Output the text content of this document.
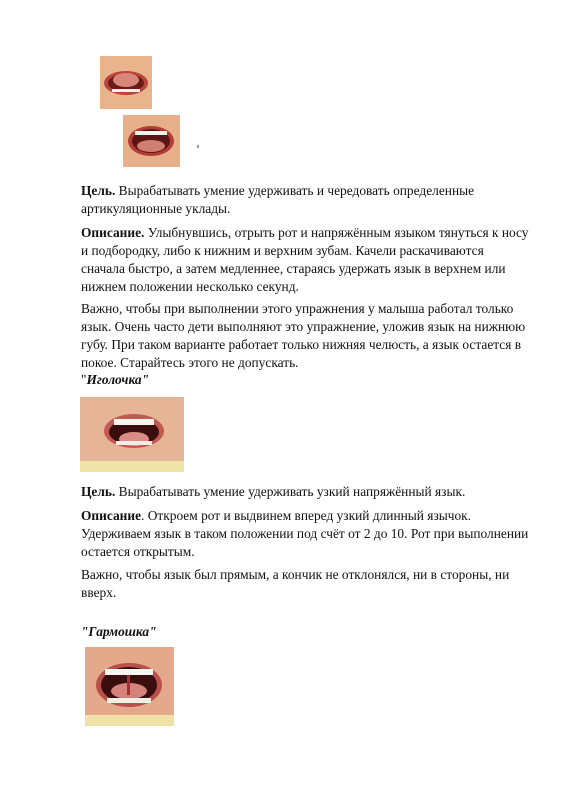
Цель. Вырабатывать умение удерживать и чередовать определенные артикуляционные уклады.

Описание. Улыбнувшись, отрыть рот и напряжённым языком тянуться к носу и подбородку, либо к нижним и верхним зубам. Качели раскачиваются сначала быстро, а затем медленнее, стараясь удержать язык в верхнем или нижнем положении несколько секунд.

Важно, чтобы при выполнении этого упражнения у малыша работал только язык. Очень часто дети выполняют это упражнение, уложив язык на нижнюю губу. При таком варианте работает только нижняя челюсть, а язык остается в покое. Старайтесь этого не допускать.

"Иголочка"

Цель. Вырабатывать умение удерживать узкий напряжённый язык.

Описание. Откроем рот и выдвинем вперед узкий длинный язычок. Удерживаем язык в таком положении под счёт от 2 до 10. Рот при выполнении остается открытым.

Важно, чтобы язык был прямым, а кончик не отклонялся, ни в стороны, ни вверх.

"Гармошка"
